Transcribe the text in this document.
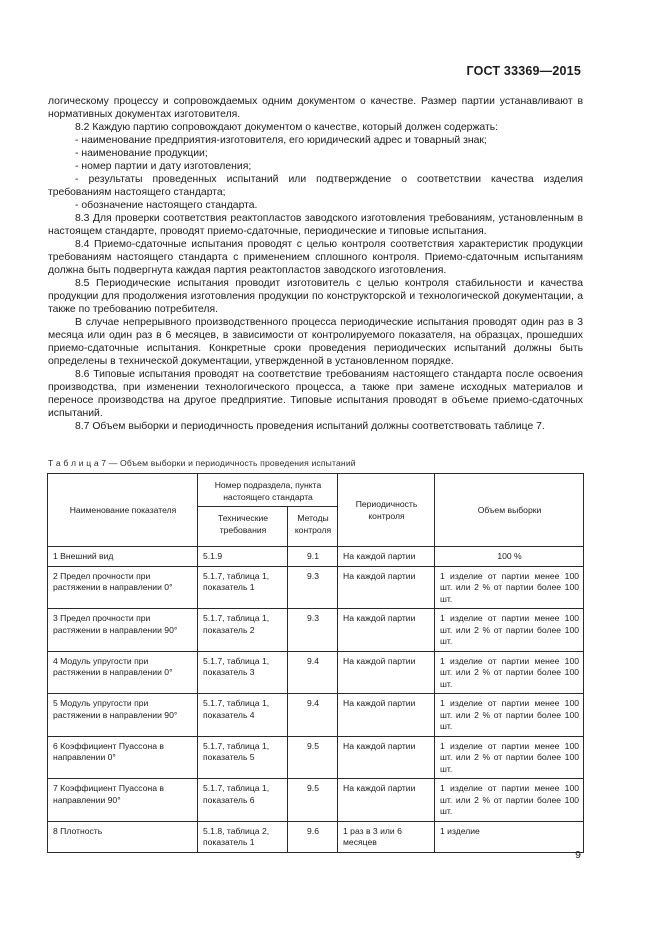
ГОСТ 33369—2015

логическому процессу и сопровождаемых одним документом о качестве. Размер партии устанавливают в нормативных документах изготовителя.

8.2 Каждую партию сопровождают документом о качестве, который должен содержать:

- наименование предприятия-изготовителя, его юридический адрес и товарный знак;

- наименование продукции;

- номер партии и дату изготовления;

- результаты проведенных испытаний или подтверждение о соответствии качества изделия требованиям настоящего стандарта;

- обозначение настоящего стандарта.

8.3 Для проверки соответствия реактопластов заводского изготовления требованиям, установленным в настоящем стандарте, проводят приемо-сдаточные, периодические и типовые испытания.

8.4 Приемо-сдаточные испытания проводят с целью контроля соответствия характеристик продукции требованиям настоящего стандарта с применением сплошного контроля. Приемо-сдаточным испытаниям должна быть подвергнута каждая партия реактопластов заводского изготовления.

8.5 Периодические испытания проводит изготовитель с целью контроля стабильности и качества продукции для продолжения изготовления продукции по конструкторской и технологической документации, а также по требованию потребителя.

В случае непрерывного производственного процесса периодические испытания проводят один раз в 3 месяца или один раз в 6 месяцев, в зависимости от контролируемого показателя, на образцах, прошедших приемо-сдаточные испытания. Конкретные сроки проведения периодических испытаний должны быть определены в технической документации, утвержденной в установленном порядке.

8.6 Типовые испытания проводят на соответствие требованиям настоящего стандарта после освоения производства, при изменении технологического процесса, а также при замене исходных материалов и переносе производства на другое предприятие. Типовые испытания проводят в объеме приемо-сдаточных испытаний.

8.7 Объем выборки и периодичность проведения испытаний должны соответствовать таблице 7.

Т а б л и ц а 7 — Объем выборки и периодичность проведения испытаний
Наименование показателя	Номер подраздела, пункта настоящего стандарта		Периодичность контроля	Объем выборки
	Технические требования	Методы контроля		
1 Внешний вид	5.1.9	9.1	На каждой партии	100 %
2 Предел прочности при растяжении в направлении 0°	5.1.7, таблица 1, показатель 1	9.3	На каждой партии	1 изделие от партии менее 100 шт. или 2 % от партии более 100 шт.
3 Предел прочности при растяжении в направлении 90°	5.1.7, таблица 1, показатель 2	9.3	На каждой партии	1 изделие от партии менее 100 шт. или 2 % от партии более 100 шт.
4 Модуль упругости при растяжении в направлении 0°	5.1.7, таблица 1, показатель 3	9.4	На каждой партии	1 изделие от партии менее 100 шт. или 2 % от партии более 100 шт.
5 Модуль упругости при растяжении в направлении 90°	5.1.7, таблица 1, показатель 4	9.4	На каждой партии	1 изделие от партии менее 100 шт. или 2 % от партии более 100 шт.
6 Коэффициент Пуассона в направлении 0°	5.1.7, таблица 1, показатель 5	9.5	На каждой партии	1 изделие от партии менее 100 шт. или 2 % от партии более 100 шт.
7 Коэффициент Пуассона в направлении 90°	5.1.7, таблица 1, показатель 6	9.5	На каждой партии	1 изделие от партии менее 100 шт. или 2 % от партии более 100 шт.
8 Плотность	5.1.8, таблица 2, показатель 1	9.6	1 раз в 3 или 6 месяцев	1 изделие
9
